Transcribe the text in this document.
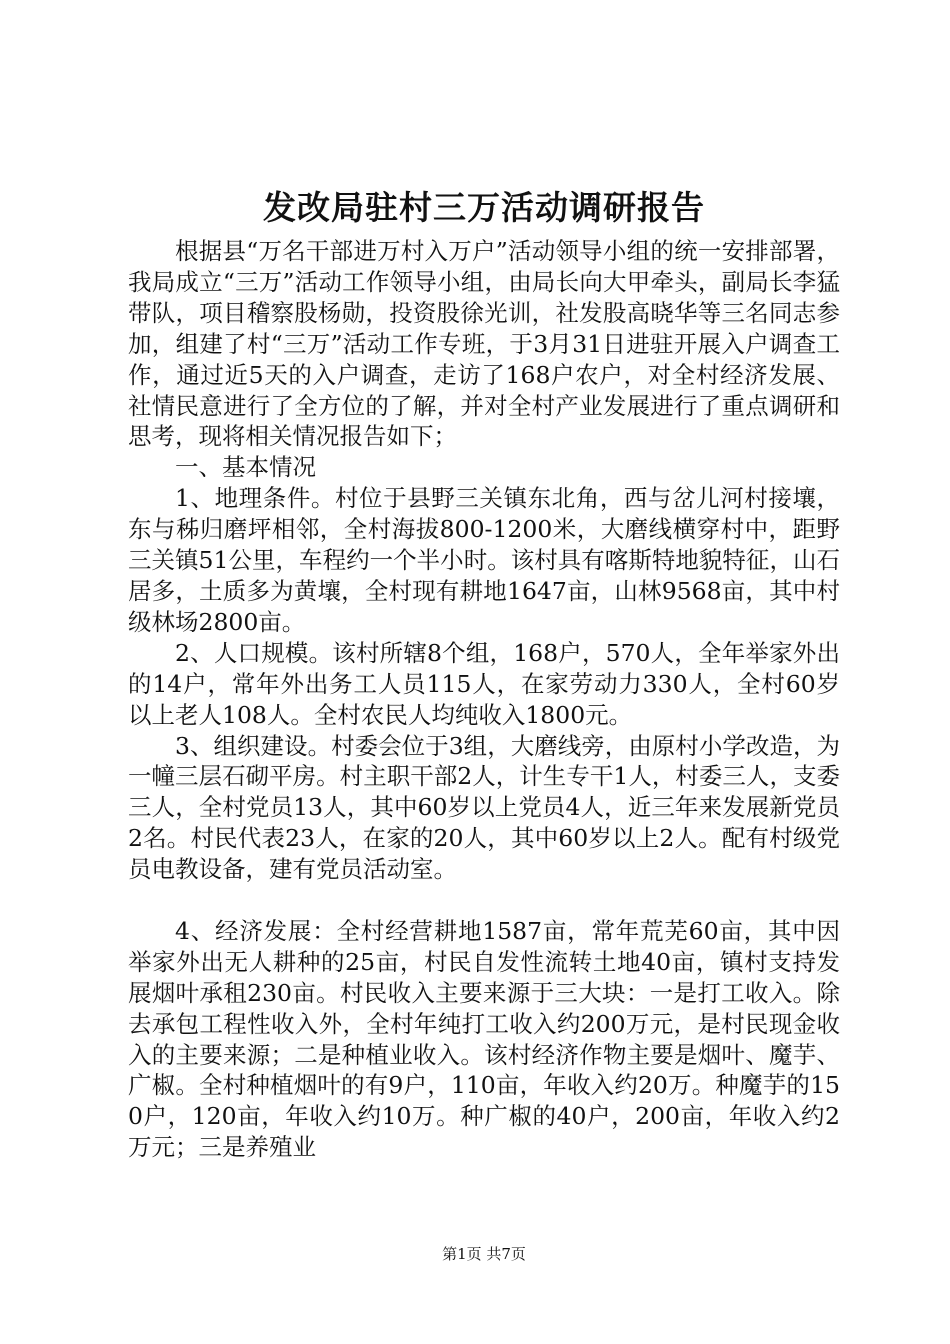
发改局驻村三万活动调研报告

根据县“万名干部进万村入万户”活动领导小组的统一安排部署，我局成立“三万”活动工作领导小组，由局长向大甲牵头，副局长李猛带队，项目稽察股杨勋，投资股徐光训，社发股高晓华等三名同志参加，组建了村“三万”活动工作专班，于3月31日进驻开展入户调查工作，通过近5天的入户调查，走访了168户农户，对全村经济发展、社情民意进行了全方位的了解，并对全村产业发展进行了重点调研和思考，现将相关情况报告如下；

一、基本情况

1、地理条件。村位于县野三关镇东北角，西与岔儿河村接壤，东与秭归磨坪相邻，全村海拔800-1200米，大磨线横穿村中，距野三关镇51公里，车程约一个半小时。该村具有喀斯特地貌特征，山石居多，土质多为黄壤，全村现有耕地1647亩，山林9568亩，其中村级林场2800亩。

2、人口规模。该村所辖8个组，168户，570人，全年举家外出的14户，常年外出务工人员115人，在家劳动力330人，全村60岁以上老人108人。全村农民人均纯收入1800元。

3、组织建设。村委会位于3组，大磨线旁，由原村小学改造，为一幢三层石砌平房。村主职干部2人，计生专干1人，村委三人，支委三人，全村党员13人，其中60岁以上党员4人，近三年来发展新党员2名。村民代表23人，在家的20人，其中60岁以上2人。配有村级党员电教设备，建有党员活动室。

4、经济发展：全村经营耕地1587亩，常年荒芜60亩，其中因举家外出无人耕种的25亩，村民自发性流转土地40亩，镇村支持发展烟叶承租230亩。村民收入主要来源于三大块：一是打工收入。除去承包工程性收入外，全村年纯打工收入约200万元，是村民现金收入的主要来源；二是种植业收入。该村经济作物主要是烟叶、魔芋、广椒。全村种植烟叶的有9户，110亩，年收入约20万。种魔芋的150户，120亩，年收入约10万。种广椒的40户，200亩，年收入约2万元；三是养殖业

第1页 共7页
